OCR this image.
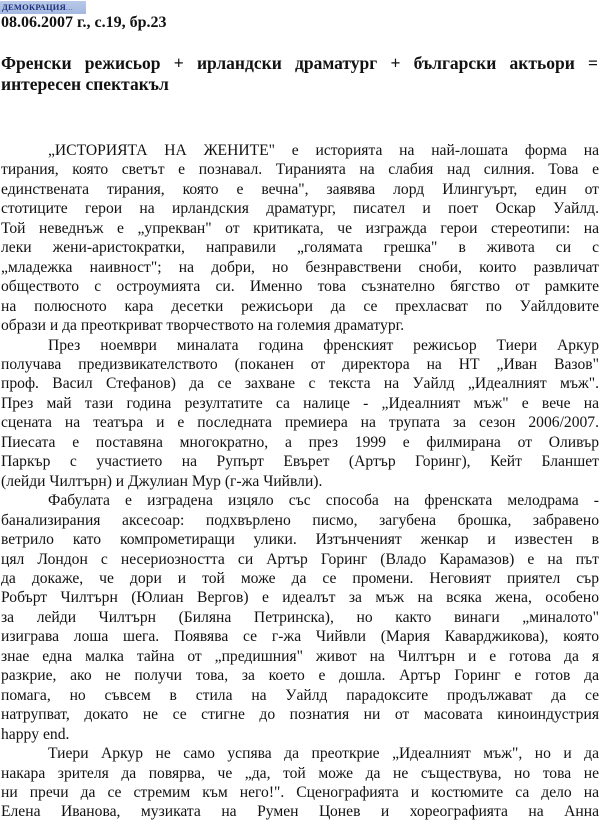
ДЕМОКРАЦИЯ...
08.06.2007 г., с.19, бр.23
Френски режисьор + ирландски драматург + български актьори = интересен спектакъл

„ИСТОРИЯТА НА ЖЕНИТЕ" е историята на най-лошата форма на
тирания, която светът е познавал. Тиранията на слабия над силния. Това е
единствената тирания, която е вечна", заявява лорд Илингуърт, един от
стотиците герои на ирландския драматург, писател и поет Оскар Уайлд.
Той неведнъж е „упрекван" от критиката, че изгражда герои стереотипи: на
леки жени-аристократки, направили „голямата грешка" в живота си с
„младежка наивност"; на добри, но безнравствени сноби, които развличат
обществото с остроумията си. Именно това съзнателно бягство от рамките
на полюсното кара десетки режисьори да се прехласват по Уайлдовите
образи и да преоткриват творчеството на големия драматург.

През ноември миналата година френският режисьор Тиери Аркур
получава предизвикателството (поканен от директора на НТ „Иван Вазов"
проф. Васил Стефанов) да се захване с текста на Уайлд „Идеалният мъж".
През май тази година резултатите са налице - „Идеалният мъж" е вече на
сцената на театъра и е последната премиера на трупата за сезон 2006/2007.
Пиесата е поставяна многократно, а през 1999 е филмирана от Оливър
Паркър с участието на Рупърт Евърет (Артър Горинг), Кейт Бланшет
(лейди Чилтърн) и Джулиан Мур (г-жа Чийвли).

Фабулата е изградена изцяло със способа на френската мелодрама -
банализирания аксесоар: подхвърлено писмо, загубена брошка, забравено
ветрило като компрометиращи улики. Изтънченият женкар и известен в
цял Лондон с несериозността си Артър Горинг (Владо Карамазов) е на път
да докаже, че дори и той може да се промени. Неговият приятел сър
Робърт Чилтърн (Юлиан Вергов) е идеалът за мъж на всяка жена, особено
за лейди Чилтърн (Биляна Петринска), но както винаги „миналото"
изиграва лоша шега. Появява се г-жа Чийвли (Мария Каварджикова), която
знае една малка тайна от „предишния" живот на Чилтърн и е готова да я
разкрие, ако не получи това, за което е дошла. Артър Горинг е готов да
помага, но съвсем в стила на Уайлд парадоксите продължават да се
натрупват, докато не се стигне до познатия ни от масовата киноиндустрия
happy end.

Тиери Аркур не само успява да преоткрие „Идеалният мъж", но и да
накара зрителя да повярва, че „да, той може да не съществува, но това не
ни пречи да се стремим към него!". Сценографията и костюмите са дело на
Елена Иванова, музиката на Румен Цонев и хореографията на Анна
